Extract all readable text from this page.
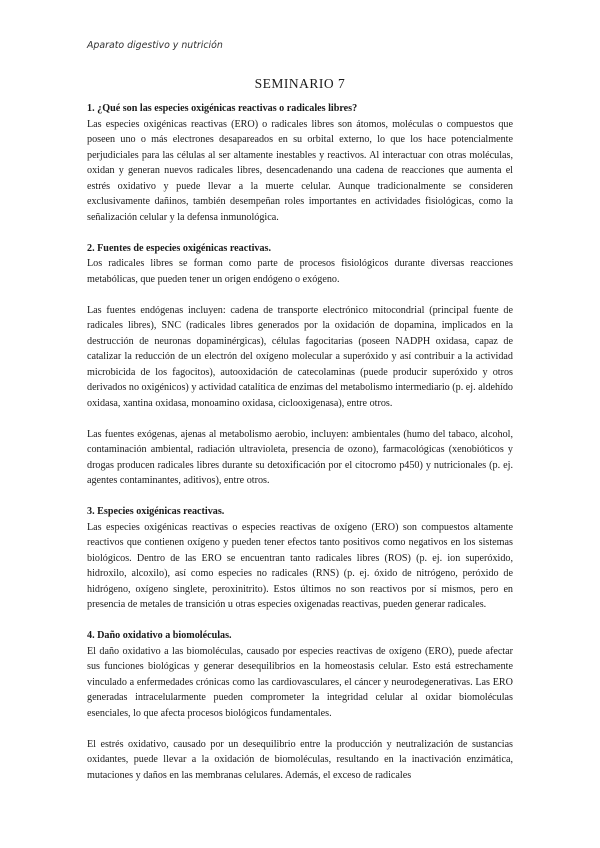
Aparato digestivo y nutrición
SEMINARIO 7
1. ¿Qué son las especies oxigénicas reactivas o radicales libres?

Las especies oxigénicas reactivas (ERO) o radicales libres son átomos, moléculas o compuestos que poseen uno o más electrones desapareados en su orbital externo, lo que los hace potencialmente perjudiciales para las células al ser altamente inestables y reactivos. Al interactuar con otras moléculas, oxidan y generan nuevos radicales libres, desencadenando una cadena de reacciones que aumenta el estrés oxidativo y puede llevar a la muerte celular. Aunque tradicionalmente se consideren exclusivamente dañinos, también desempeñan roles importantes en actividades fisiológicas, como la señalización celular y la defensa inmunológica.

2. Fuentes de especies oxigénicas reactivas.

Los radicales libres se forman como parte de procesos fisiológicos durante diversas reacciones metabólicas, que pueden tener un origen endógeno o exógeno.

Las fuentes endógenas incluyen: cadena de transporte electrónico mitocondrial (principal fuente de radicales libres), SNC (radicales libres generados por la oxidación de dopamina, implicados en la destrucción de neuronas dopaminérgicas), células fagocitarias (poseen NADPH oxidasa, capaz de catalizar la reducción de un electrón del oxígeno molecular a superóxido y así contribuir a la actividad microbicida de los fagocitos), autooxidación de catecolaminas (puede producir superóxido y otros derivados no oxigénicos) y actividad catalítica de enzimas del metabolismo intermediario (p. ej. aldehído oxidasa, xantina oxidasa, monoamino oxidasa, ciclooxigenasa), entre otros.

Las fuentes exógenas, ajenas al metabolismo aerobio, incluyen: ambientales (humo del tabaco, alcohol, contaminación ambiental, radiación ultravioleta, presencia de ozono), farmacológicas (xenobióticos y drogas producen radicales libres durante su detoxificación por el citocromo p450) y nutricionales (p. ej. agentes contaminantes, aditivos), entre otros.

3. Especies oxigénicas reactivas.

Las especies oxigénicas reactivas o especies reactivas de oxígeno (ERO) son compuestos altamente reactivos que contienen oxígeno y pueden tener efectos tanto positivos como negativos en los sistemas biológicos. Dentro de las ERO se encuentran tanto radicales libres (ROS) (p. ej. ion superóxido, hidroxilo, alcoxilo), así como especies no radicales (RNS) (p. ej. óxido de nitrógeno, peróxido de hidrógeno, oxígeno singlete, peroxinitrito). Estos últimos no son reactivos por sí mismos, pero en presencia de metales de transición u otras especies oxigenadas reactivas, pueden generar radicales.

4. Daño oxidativo a biomoléculas.

El daño oxidativo a las biomoléculas, causado por especies reactivas de oxígeno (ERO), puede afectar sus funciones biológicas y generar desequilibrios en la homeostasis celular. Esto está estrechamente vinculado a enfermedades crónicas como las cardiovasculares, el cáncer y neurodegenerativas. Las ERO generadas intracelularmente pueden comprometer la integridad celular al oxidar biomoléculas esenciales, lo que afecta procesos biológicos fundamentales.

El estrés oxidativo, causado por un desequilibrio entre la producción y neutralización de sustancias oxidantes, puede llevar a la oxidación de biomoléculas, resultando en la inactivación enzimática, mutaciones y daños en las membranas celulares. Además, el exceso de radicales
